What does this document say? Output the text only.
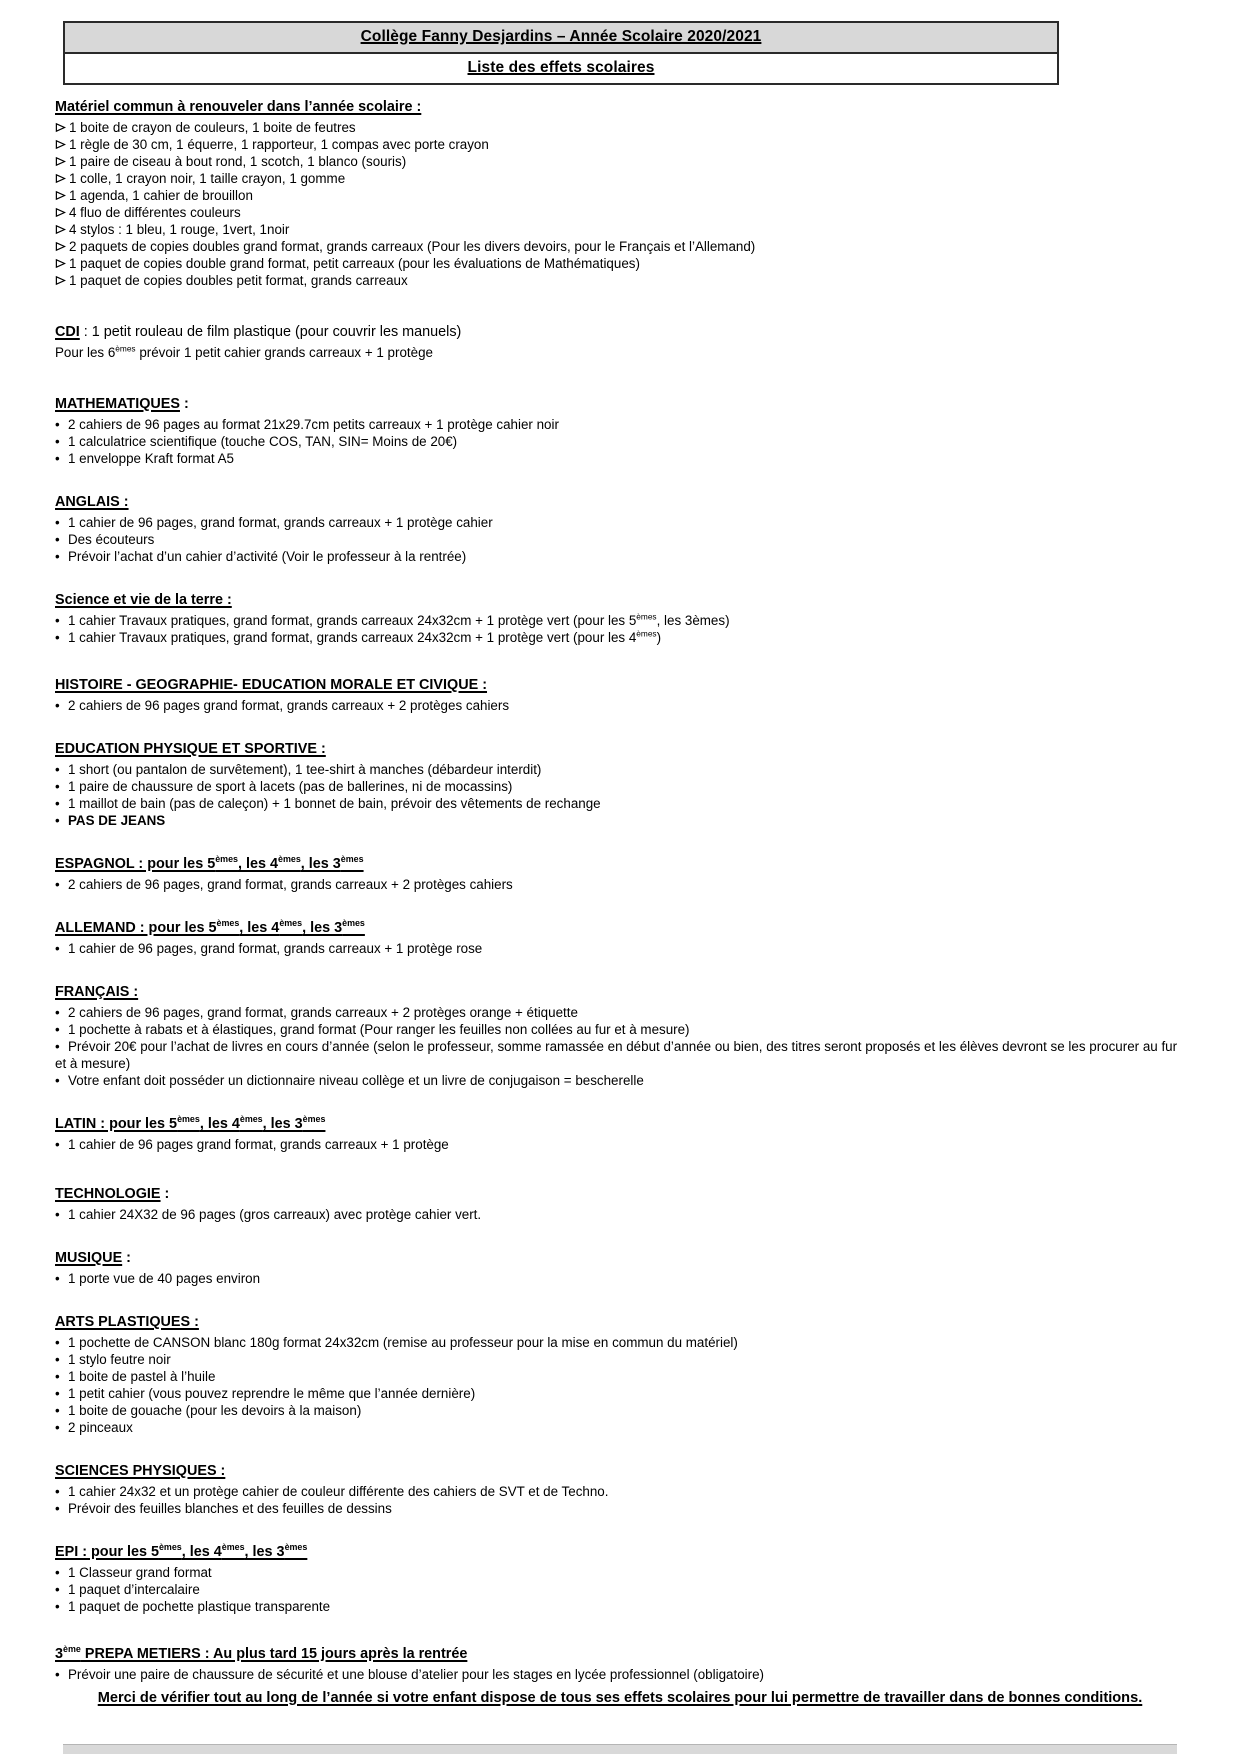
Collège Fanny Desjardins – Année Scolaire 2020/2021
Liste des effets scolaires
Matériel commun à renouveler dans l’année scolaire :
1 boite de crayon de couleurs, 1 boite de feutres
1 règle de 30 cm, 1 équerre, 1 rapporteur, 1 compas avec porte crayon
1 paire de ciseau à bout rond, 1 scotch, 1 blanco (souris)
1 colle, 1 crayon noir, 1 taille crayon, 1 gomme
1 agenda, 1 cahier de brouillon
4 fluo de différentes couleurs
4 stylos : 1 bleu, 1 rouge, 1vert, 1noir
2 paquets de copies doubles grand format, grands carreaux (Pour les divers devoirs, pour le Français et l’Allemand)
1 paquet de copies double grand format, petit carreaux (pour les évaluations de Mathématiques)
1 paquet de copies doubles petit format, grands carreaux
CDI : 1 petit rouleau de film plastique (pour couvrir les manuels)
Pour les 6èmes prévoir 1 petit cahier grands carreaux + 1 protège
MATHEMATIQUES :
• 2 cahiers de 96 pages au format 21x29.7cm petits carreaux + 1 protège cahier noir
• 1 calculatrice scientifique (touche COS, TAN, SIN= Moins de 20€)
• 1 enveloppe Kraft format A5
ANGLAIS :
• 1 cahier de 96 pages, grand format, grands carreaux + 1 protège cahier
• Des écouteurs
• Prévoir l’achat d’un cahier d’activité (Voir le professeur à la rentrée)
Science et vie de la terre :
• 1 cahier Travaux pratiques, grand format, grands carreaux 24x32cm + 1 protège vert (pour les 5èmes, les 3èmes)
• 1 cahier Travaux pratiques, grand format, grands carreaux 24x32cm + 1 protège vert (pour les 4èmes)
HISTOIRE - GEOGRAPHIE- EDUCATION MORALE ET CIVIQUE :
• 2 cahiers de 96 pages grand format, grands carreaux + 2 protèges cahiers
EDUCATION PHYSIQUE ET SPORTIVE :
• 1 short (ou pantalon de survêtement), 1 tee-shirt à manches (débardeur interdit)
• 1 paire de chaussure de sport à lacets (pas de ballerines, ni de mocassins)
• 1 maillot de bain (pas de caleçon) + 1 bonnet de bain, prévoir des vêtements de rechange
• PAS DE JEANS
ESPAGNOL : pour les 5èmes, les 4èmes, les 3èmes
• 2 cahiers de 96 pages, grand format, grands carreaux + 2 protèges cahiers
ALLEMAND : pour les 5èmes, les 4èmes, les 3èmes
• 1 cahier de 96 pages, grand format, grands carreaux + 1 protège rose
FRANÇAIS :
• 2 cahiers de 96 pages, grand format, grands carreaux + 2 protèges orange + étiquette
• 1 pochette à rabats et à élastiques, grand format (Pour ranger les feuilles non collées au fur et à mesure)
• Prévoir 20€ pour l’achat de livres en cours d’année (selon le professeur, somme ramassée en début d’année ou bien, des titres seront proposés et les élèves devront se les procurer au fur et à mesure)
• Votre enfant doit posséder un dictionnaire niveau collège et un livre de conjugaison = bescherelle
LATIN : pour les 5èmes, les 4èmes, les 3èmes
• 1 cahier de 96 pages grand format, grands carreaux + 1 protège
TECHNOLOGIE :
• 1 cahier 24X32 de 96 pages (gros carreaux) avec protège cahier vert.
MUSIQUE :
• 1 porte vue de 40 pages environ
ARTS PLASTIQUES :
• 1 pochette de CANSON blanc 180g format 24x32cm (remise au professeur pour la mise en commun du matériel)
• 1 stylo feutre noir
• 1 boite de pastel à l’huile
• 1 petit cahier (vous pouvez reprendre le même que l’année dernière)
• 1 boite de gouache (pour les devoirs à la maison)
• 2 pinceaux
SCIENCES PHYSIQUES :
• 1 cahier 24x32 et un protège cahier de couleur différente des cahiers de SVT et de Techno.
• Prévoir des feuilles blanches et des feuilles de dessins
EPI : pour les 5èmes, les 4èmes, les 3èmes
• 1 Classeur grand format
• 1 paquet d’intercalaire
• 1 paquet de pochette plastique transparente
3ème PREPA METIERS : Au plus tard 15 jours après la rentrée
• Prévoir une paire de chaussure de sécurité et une blouse d’atelier pour les stages en lycée professionnel (obligatoire)
Merci de vérifier tout au long de l’année si votre enfant dispose de tous ses effets scolaires pour lui permettre de travailler dans de bonnes conditions.
